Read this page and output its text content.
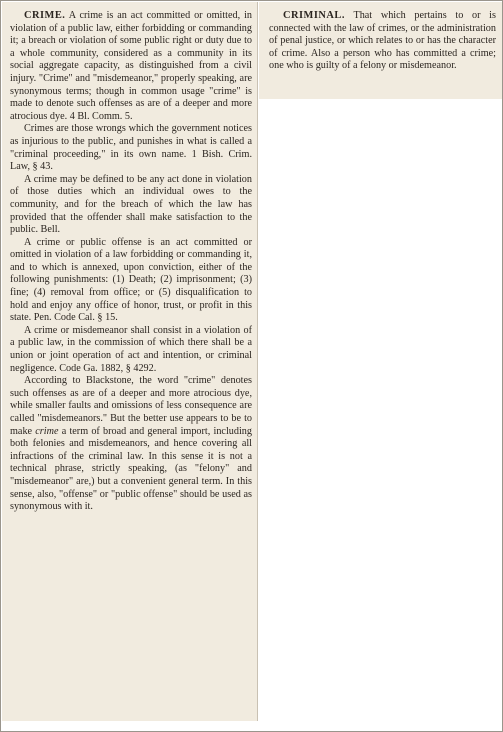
CRIME. A crime is an act committed or omitted, in violation of a public law, either forbidding or commanding it; a breach or violation of some public right or duty due to a whole community, considered as a community in its social aggregate capacity, as distinguished from a civil injury. "Crime" and "misdemeanor," properly speaking, are synonymous terms; though in common usage "crime" is made to denote such offenses as are of a deeper and more atrocious dye. 4 Bl. Comm. 5.

Crimes are those wrongs which the government notices as injurious to the public, and punishes in what is called a "criminal proceeding," in its own name. 1 Bish. Crim. Law, § 43.

A crime may be defined to be any act done in violation of those duties which an individual owes to the community, and for the breach of which the law has provided that the offender shall make satisfaction to the public. Bell.

A crime or public offense is an act committed or omitted in violation of a law forbidding or commanding it, and to which is annexed, upon conviction, either of the following punishments: (1) Death; (2) imprisonment; (3) fine; (4) removal from office; or (5) disqualification to hold and enjoy any office of honor, trust, or profit in this state. Pen. Code Cal. § 15.

A crime or misdemeanor shall consist in a violation of a public law, in the commission of which there shall be a union or joint operation of act and intention, or criminal negligence. Code Ga. 1882, § 4292.

According to Blackstone, the word "crime" denotes such offenses as are of a deeper and more atrocious dye, while smaller faults and omissions of less consequence are called "misdemeanors." But the better use appears to be to make crime a term of broad and general import, including both felonies and misdemeanors, and hence covering all infractions of the criminal law. In this sense it is not a technical phrase, strictly speaking, (as "felony" and "misdemeanor" are,) but a convenient general term. In this sense, also, "offense" or "public offense" should be used as synonymous with it.

CRIMINAL. That which pertains to or is connected with the law of crimes, or the administration of penal justice, or which relates to or has the character of crime. Also a person who has committed a crime; one who is guilty of a felony or misdemeanor.
